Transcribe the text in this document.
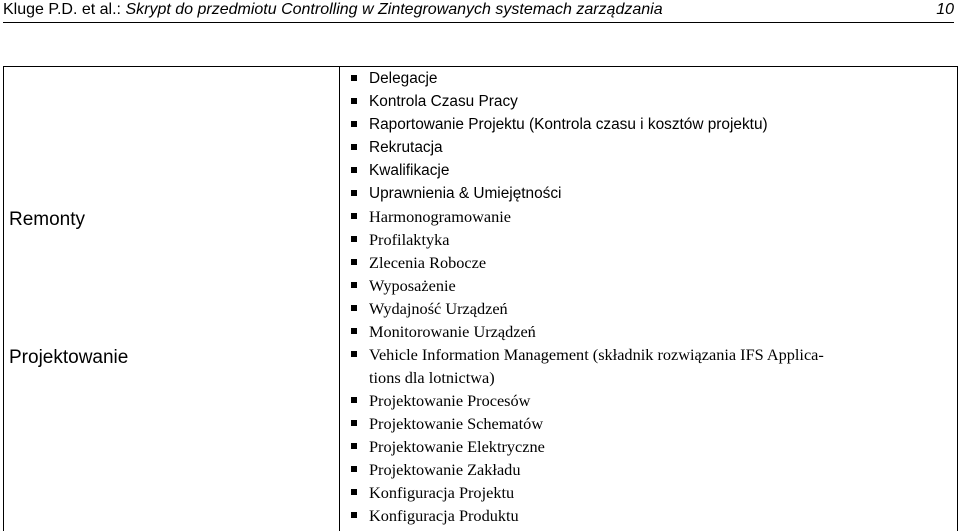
Kluge P.D. et al.: Skrypt do przedmiotu Controlling w Zintegrowanych systemach zarządzania	10
Remonty
Projektowanie
Delegacje
Kontrola Czasu Pracy
Raportowanie Projektu (Kontrola czasu i kosztów projektu)
Rekrutacja
Kwalifikacje
Uprawnienia & Umiejętności
Harmonogramowanie
Profilaktyka
Zlecenia Robocze
Wyposażenie
Wydajność Urządzeń
Monitorowanie Urządzeń
Vehicle Information Management (składnik rozwiązania IFS Applica-
tions dla lotnictwa)
Projektowanie Procesów
Projektowanie Schematów
Projektowanie Elektryczne
Projektowanie Zakładu
Konfiguracja Projektu
Konfiguracja Produktu
